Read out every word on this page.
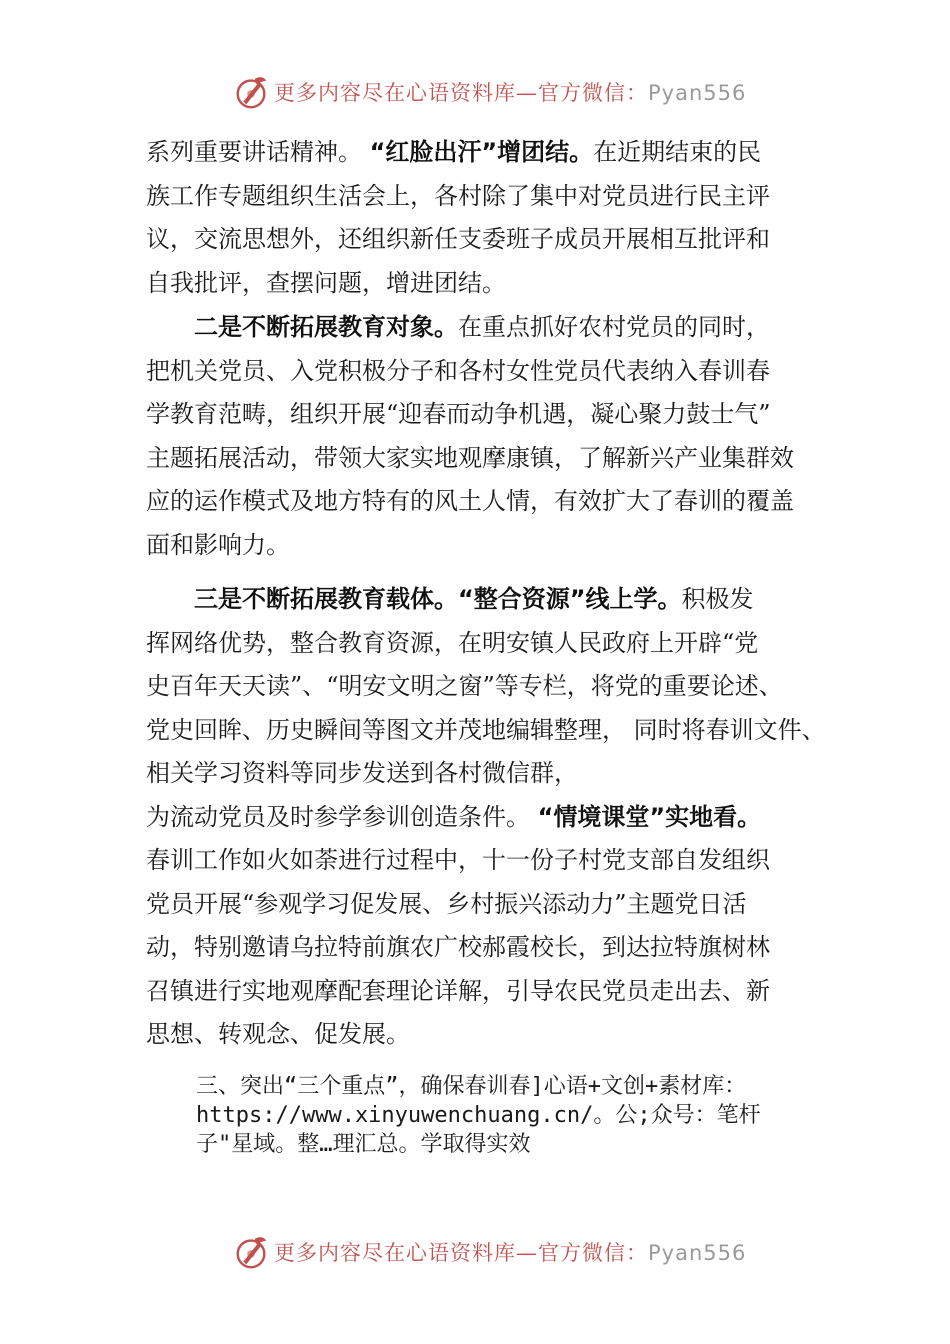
更多内容尽在心语资料库—官方微信：Pyan556
系列重要讲话精神。 “红脸出汗”增团结。在近期结束的民
族工作专题组织生活会上，各村除了集中对党员进行民主评
议，交流思想外，还组织新任支委班子成员开展相互批评和
自我批评，查摆问题，增进团结。
二是不断拓展教育对象。在重点抓好农村党员的同时，
把机关党员、入党积极分子和各村女性党员代表纳入春训春
学教育范畴，组织开展“迎春而动争机遇，凝心聚力鼓士气”
主题拓展活动，带领大家实地观摩康镇，了解新兴产业集群效
应的运作模式及地方特有的风土人情，有效扩大了春训的覆盖
面和影响力。
三是不断拓展教育载体。“整合资源”线上学。积极发
挥网络优势，整合教育资源，在明安镇人民政府上开辟“党
史百年天天读”、“明安文明之窗”等专栏，将党的重要论述、
党史回眸、历史瞬间等图文并茂地编辑整理， 同时将春训文件、
相关学习资料等同步发送到各村微信群，
为流动党员及时参学参训创造条件。 “情境课堂”实地看。
春训工作如火如荼进行过程中，十一份子村党支部自发组织
党员开展“参观学习促发展、乡村振兴添动力”主题党日活
动，特别邀请乌拉特前旗农广校郝霞校长，到达拉特旗树林
召镇进行实地观摩配套理论详解，引导农民党员走出去、新
思想、转观念、促发展。
三、突出“三个重点”，确保春训春]心语+文创+素材库：
https://www.xinyuwenchuang.cn/。公;众号：笔杆
子"星域。整…理汇总。学取得实效
更多内容尽在心语资料库—官方微信：Pyan556
